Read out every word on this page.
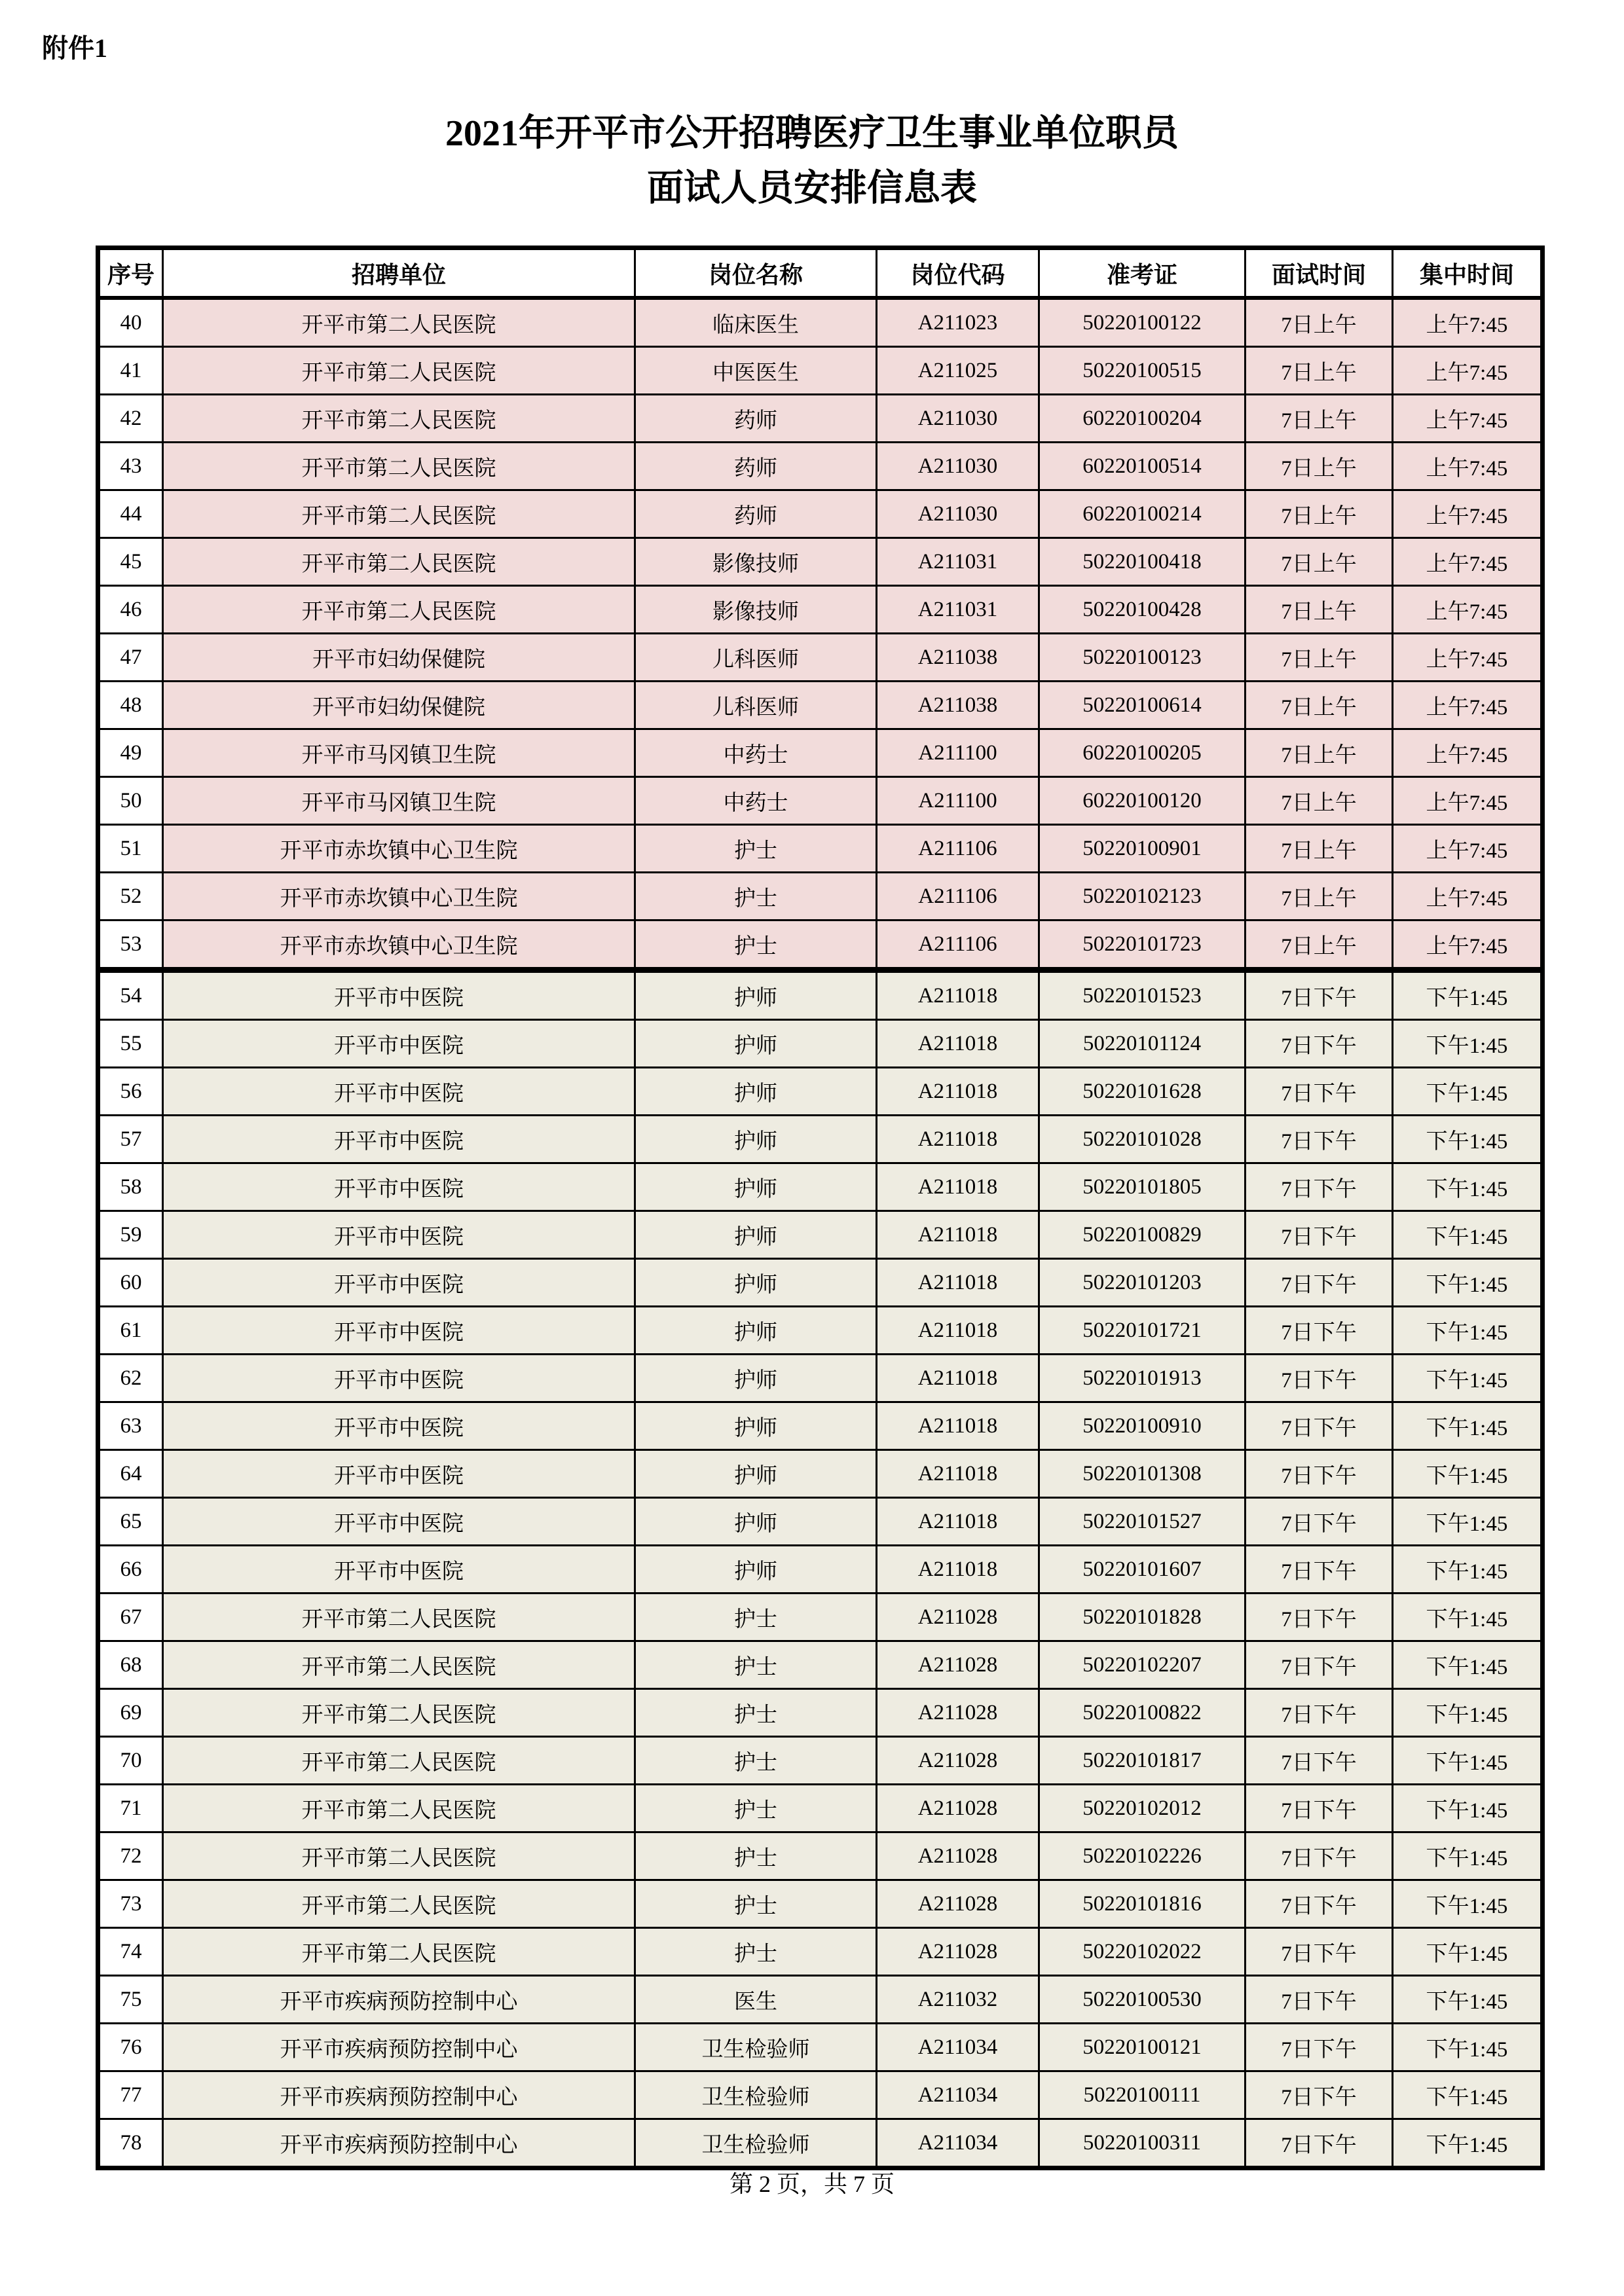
附件1
2021年开平市公开招聘医疗卫生事业单位职员
面试人员安排信息表
序号	招聘单位	岗位名称	岗位代码	准考证	面试时间	集中时间
40	开平市第二人民医院	临床医生	A211023	50220100122	7日上午	上午7:45
41	开平市第二人民医院	中医医生	A211025	50220100515	7日上午	上午7:45
42	开平市第二人民医院	药师	A211030	60220100204	7日上午	上午7:45
43	开平市第二人民医院	药师	A211030	60220100514	7日上午	上午7:45
44	开平市第二人民医院	药师	A211030	60220100214	7日上午	上午7:45
45	开平市第二人民医院	影像技师	A211031	50220100418	7日上午	上午7:45
46	开平市第二人民医院	影像技师	A211031	50220100428	7日上午	上午7:45
47	开平市妇幼保健院	儿科医师	A211038	50220100123	7日上午	上午7:45
48	开平市妇幼保健院	儿科医师	A211038	50220100614	7日上午	上午7:45
49	开平市马冈镇卫生院	中药士	A211100	60220100205	7日上午	上午7:45
50	开平市马冈镇卫生院	中药士	A211100	60220100120	7日上午	上午7:45
51	开平市赤坎镇中心卫生院	护士	A211106	50220100901	7日上午	上午7:45
52	开平市赤坎镇中心卫生院	护士	A211106	50220102123	7日上午	上午7:45
53	开平市赤坎镇中心卫生院	护士	A211106	50220101723	7日上午	上午7:45
54	开平市中医院	护师	A211018	50220101523	7日下午	下午1:45
55	开平市中医院	护师	A211018	50220101124	7日下午	下午1:45
56	开平市中医院	护师	A211018	50220101628	7日下午	下午1:45
57	开平市中医院	护师	A211018	50220101028	7日下午	下午1:45
58	开平市中医院	护师	A211018	50220101805	7日下午	下午1:45
59	开平市中医院	护师	A211018	50220100829	7日下午	下午1:45
60	开平市中医院	护师	A211018	50220101203	7日下午	下午1:45
61	开平市中医院	护师	A211018	50220101721	7日下午	下午1:45
62	开平市中医院	护师	A211018	50220101913	7日下午	下午1:45
63	开平市中医院	护师	A211018	50220100910	7日下午	下午1:45
64	开平市中医院	护师	A211018	50220101308	7日下午	下午1:45
65	开平市中医院	护师	A211018	50220101527	7日下午	下午1:45
66	开平市中医院	护师	A211018	50220101607	7日下午	下午1:45
67	开平市第二人民医院	护士	A211028	50220101828	7日下午	下午1:45
68	开平市第二人民医院	护士	A211028	50220102207	7日下午	下午1:45
69	开平市第二人民医院	护士	A211028	50220100822	7日下午	下午1:45
70	开平市第二人民医院	护士	A211028	50220101817	7日下午	下午1:45
71	开平市第二人民医院	护士	A211028	50220102012	7日下午	下午1:45
72	开平市第二人民医院	护士	A211028	50220102226	7日下午	下午1:45
73	开平市第二人民医院	护士	A211028	50220101816	7日下午	下午1:45
74	开平市第二人民医院	护士	A211028	50220102022	7日下午	下午1:45
75	开平市疾病预防控制中心	医生	A211032	50220100530	7日下午	下午1:45
76	开平市疾病预防控制中心	卫生检验师	A211034	50220100121	7日下午	下午1:45
77	开平市疾病预防控制中心	卫生检验师	A211034	50220100111	7日下午	下午1:45
78	开平市疾病预防控制中心	卫生检验师	A211034	50220100311	7日下午	下午1:45
第 2 页，共 7 页
